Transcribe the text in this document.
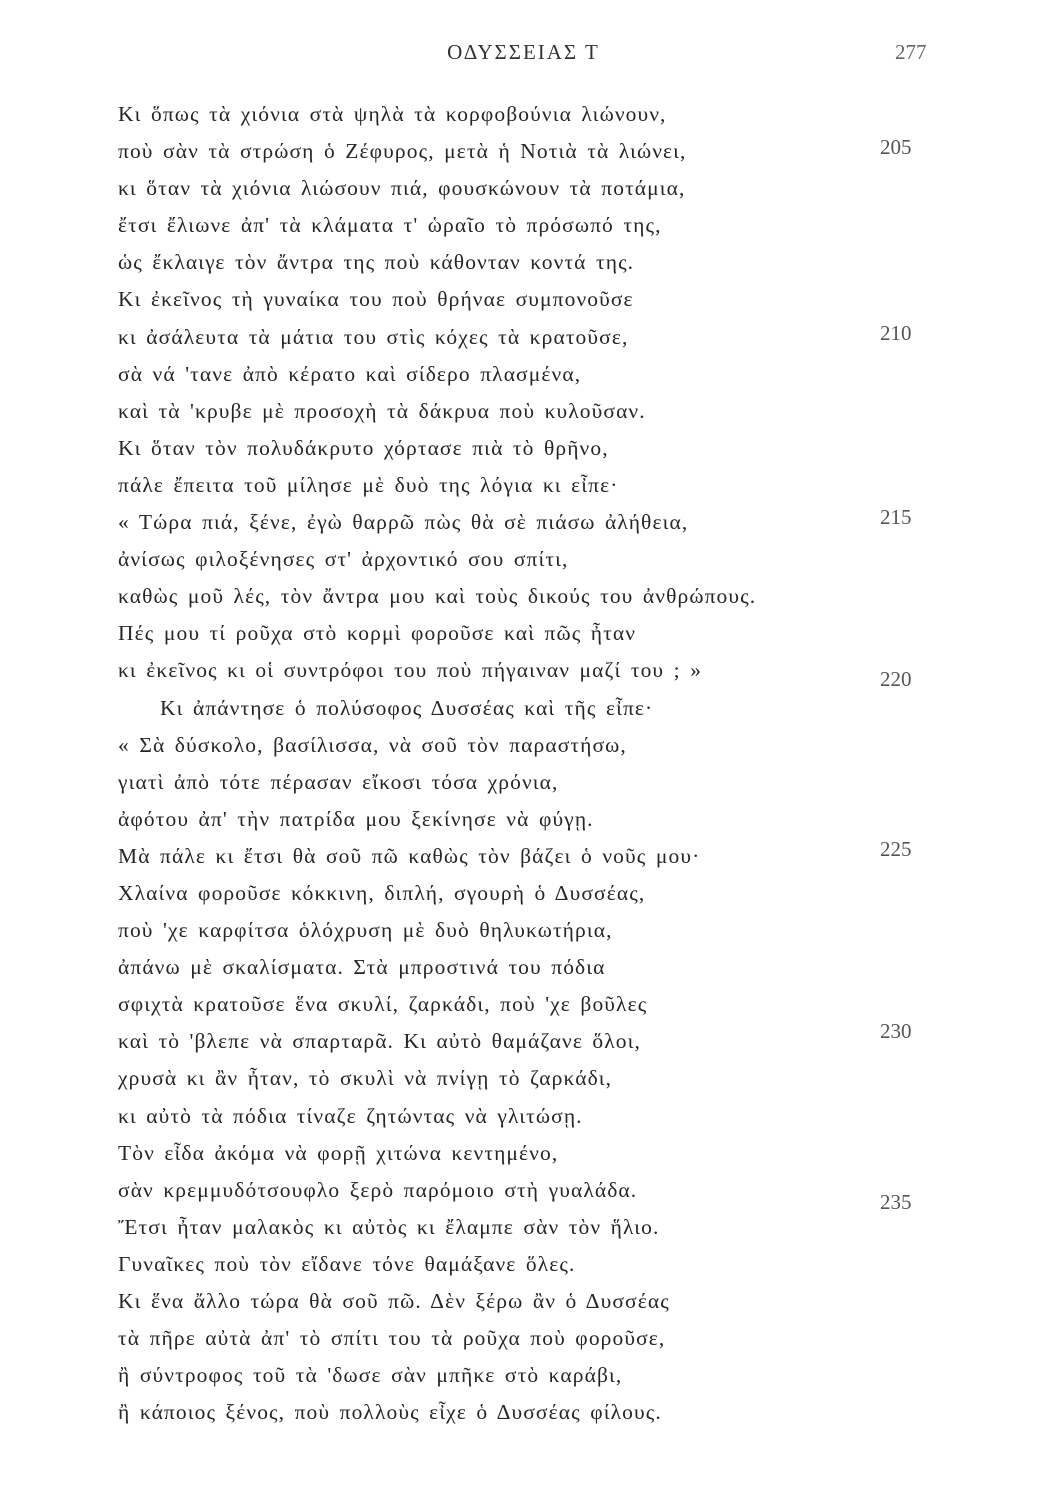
ΟΔΥΣΣΕΙΑΣ Τ	277
Κι ὅπως τὰ χιόνια στὰ ψηλὰ τὰ κορφοβούνια λιώνουν,
ποὺ σὰν τὰ στρώση ὁ Ζέφυρος, μετὰ ἡ Νοτιὰ τὰ λιώνει,
κι ὅταν τὰ χιόνια λιώσουν πιά, φουσκώνουν τὰ ποτάμια,
ἔτσι ἔλιωνε ἀπ' τὰ κλάματα τ' ὡραῖο τὸ πρόσωπό της,
ὡς ἔκλαιγε τὸν ἄντρα της ποὺ κάθονταν κοντά της.
Κι ἐκεῖνος τὴ γυναίκα του ποὺ θρήναε συμπονοῦσε
κι ἀσάλευτα τὰ μάτια του στὶς κόχες τὰ κρατοῦσε,
σὰ νά 'τανε ἀπὸ κέρατο καὶ σίδερο πλασμένα,
καὶ τὰ 'κρυβε μὲ προσοχὴ τὰ δάκρυα ποὺ κυλοῦσαν.
Κι ὅταν τὸν πολυδάκρυτο χόρτασε πιὰ τὸ θρῆνο,
πάλε ἔπειτα τοῦ μίλησε μὲ δυὸ της λόγια κι εἶπε·
« Τώρα πιά, ξένε, ἐγὼ θαρρῶ πὼς θὰ σὲ πιάσω ἀλήθεια,
ἀνίσως φιλοξένησες στ' ἀρχοντικό σου σπίτι,
καθὼς μοῦ λές, τὸν ἄντρα μου καὶ τοὺς δικούς του ἀνθρώπους.
Πές μου τί ροῦχα στὸ κορμὶ φοροῦσε καὶ πῶς ἦταν
κι ἐκεῖνος κι οἱ συντρόφοι του ποὺ πήγαιναν μαζί του ; »
Κι ἀπάντησε ὁ πολύσοφος Δυσσέας καὶ τῆς εἶπε·
« Σὰ δύσκολο, βασίλισσα, νὰ σοῦ τὸν παραστήσω,
γιατὶ ἀπὸ τότε πέρασαν εἴκοσι τόσα χρόνια,
ἀφότου ἀπ' τὴν πατρίδα μου ξεκίνησε νὰ φύγῃ.
Μὰ πάλε κι ἔτσι θὰ σοῦ πῶ καθὼς τὸν βάζει ὁ νοῦς μου·
Χλαίνα φοροῦσε κόκκινη, διπλή, σγουρὴ ὁ Δυσσέας,
ποὺ 'χε καρφίτσα ὁλόχρυση μὲ δυὸ θηλυκωτήρια,
ἀπάνω μὲ σκαλίσματα. Στὰ μπροστινά του πόδια
σφιχτὰ κρατοῦσε ἕνα σκυλί, ζαρκάδι, ποὺ 'χε βοῦλες
καὶ τὸ 'βλεπε νὰ σπαρταρᾶ. Κι αὐτὸ θαμάζανε ὅλοι,
χρυσὰ κι ἂν ἦταν, τὸ σκυλὶ νὰ πνίγῃ τὸ ζαρκάδι,
κι αὐτὸ τὰ πόδια τίναζε ζητώντας νὰ γλιτώσῃ.
Τὸν εἶδα ἀκόμα νὰ φορῇ χιτώνα κεντημένο,
σὰν κρεμμυδότσουφλο ξερὸ παρόμοιο στὴ γυαλάδα.
Ἔτσι ἦταν μαλακὸς κι αὐτὸς κι ἔλαμπε σὰν τὸν ἥλιο.
Γυναῖκες ποὺ τὸν εἴδανε τόνε θαμάξανε ὅλες.
Κι ἕνα ἄλλο τώρα θὰ σοῦ πῶ. Δὲν ξέρω ἂν ὁ Δυσσέας
τὰ πῆρε αὐτὰ ἀπ' τὸ σπίτι του τὰ ροῦχα ποὺ φοροῦσε,
ἢ σύντροφος τοῦ τὰ 'δωσε σὰν μπῆκε στὸ καράβι,
ἢ κάποιος ξένος, ποὺ πολλοὺς εἶχε ὁ Δυσσέας φίλους.
205
210
215
220
225
230
235
